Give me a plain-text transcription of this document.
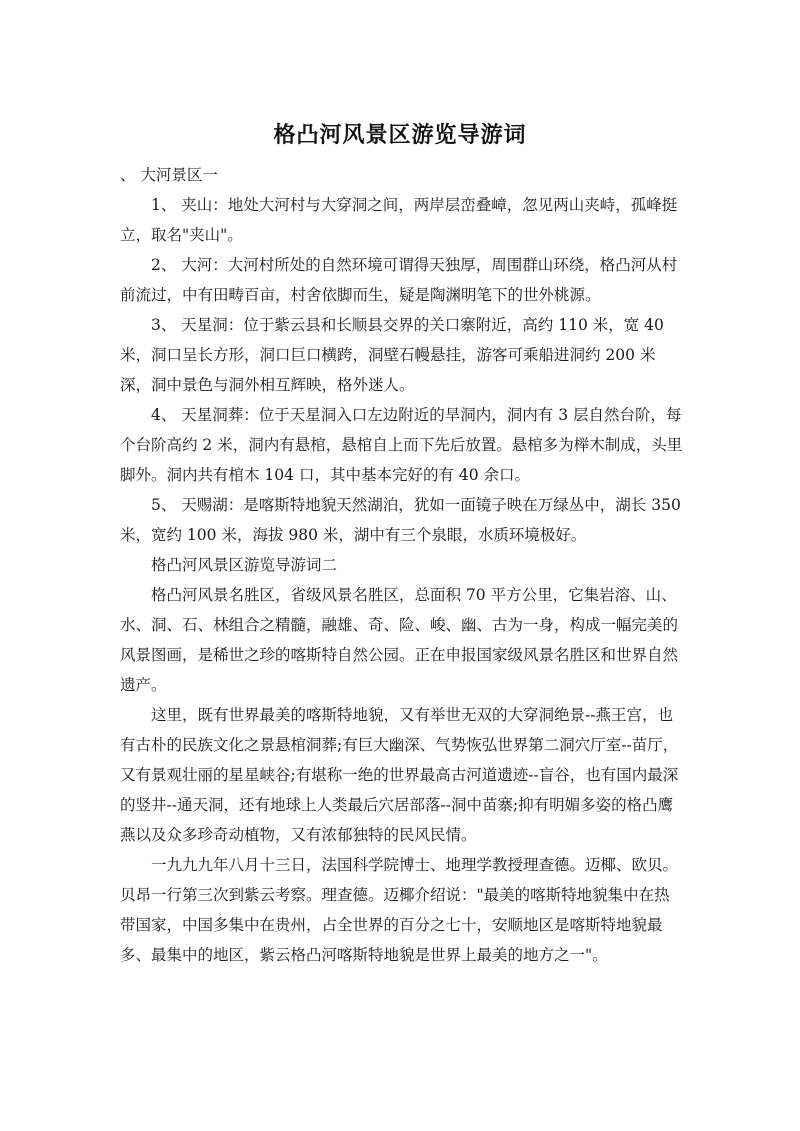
格凸河风景区游览导游词

、 大河景区一

1、 夹山：地处大河村与大穿洞之间，两岸层峦叠嶂，忽见两山夹峙，孤峰挺立，取名"夹山"。

2、 大河：大河村所处的自然环境可谓得天独厚，周围群山环绕，格凸河从村前流过，中有田畴百亩，村舍依脚而生，疑是陶渊明笔下的世外桃源。

3、 天星洞：位于紫云县和长顺县交界的关口寨附近，高约 110 米，宽 40 米，洞口呈长方形，洞口巨口横跨，洞壁石幔悬挂，游客可乘船进洞约 200 米深，洞中景色与洞外相互辉映，格外迷人。

4、 天星洞葬：位于天星洞入口左边附近的旱洞内，洞内有 3 层自然台阶，每个台阶高约 2 米，洞内有悬棺，悬棺自上而下先后放置。悬棺多为榉木制成，头里脚外。洞内共有棺木 104 口，其中基本完好的有 40 余口。

5、 天赐湖：是喀斯特地貌天然湖泊，犹如一面镜子映在万绿丛中，湖长 350 米，宽约 100 米，海拔 980 米，湖中有三个泉眼，水质环境极好。

格凸河风景区游览导游词二

格凸河风景名胜区，省级风景名胜区，总面积 70 平方公里，它集岩溶、山、水、洞、石、林组合之精髓，融雄、奇、险、峻、幽、古为一身，构成一幅完美的风景图画，是稀世之珍的喀斯特自然公园。正在申报国家级风景名胜区和世界自然遗产。

这里，既有世界最美的喀斯特地貌，又有举世无双的大穿洞绝景--燕王宫，也有古朴的民族文化之景悬棺洞葬;有巨大幽深、气势恢弘世界第二洞穴厅室--苗厅，又有景观壮丽的星星峡谷;有堪称一绝的世界最高古河道遗迹--盲谷，也有国内最深的竖井--通天洞，还有地球上人类最后穴居部落--洞中苗寨;抑有明媚多姿的格凸鹰燕以及众多珍奇动植物，又有浓郁独特的民风民情。

一九九九年八月十三日，法国科学院博士、地理学教授理查德。迈椰、欧贝。贝昂一行第三次到紫云考察。理查德。迈椰介绍说："最美的喀斯特地貌集中在热带国家，中国多集中在贵州，占全世界的百分之七十，安顺地区是喀斯特地貌最多、最集中的地区，紫云格凸河喀斯特地貌是世界上最美的地方之一"。
